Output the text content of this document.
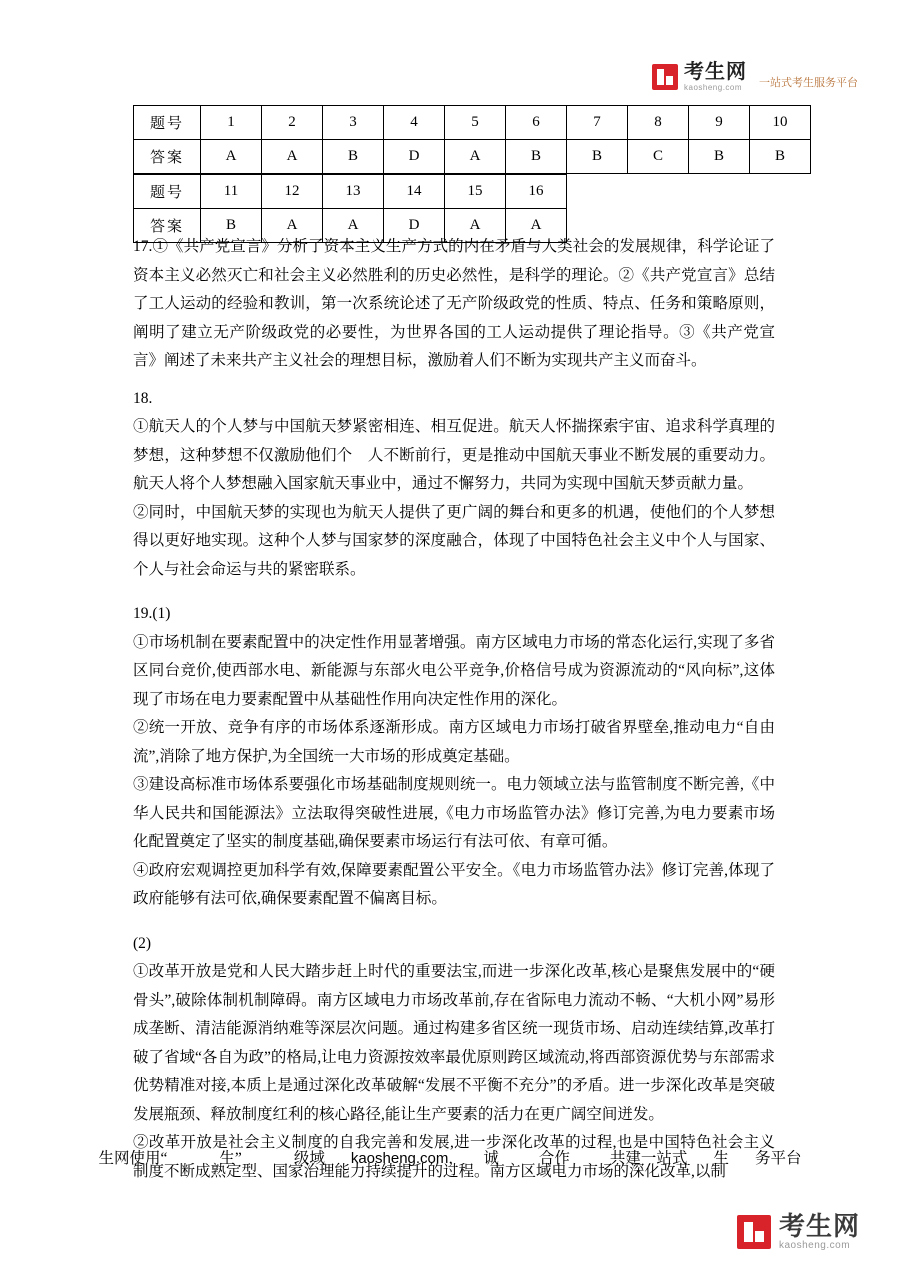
考生网
kaosheng.com	一站式考生服务平台
题号	1	2	3	4	5	6	7	8	9	10
答案	A	A	B	D	A	B	B	C	B	B
题号	11	12	13	14	15	16
答案	B	A	A	D	A	A

17.①《共产党宣言》分析了资本主义生产方式的内在矛盾与人类社会的发展规律，科学论证了资本主义必然灭亡和社会主义必然胜利的历史必然性，是科学的理论。②《共产党宣言》总结了工人运动的经验和教训，第一次系统论述了无产阶级政党的性质、特点、任务和策略原则，阐明了建立无产阶级政党的必要性，为世界各国的工人运动提供了理论指导。③《共产党宣言》阐述了未来共产主义社会的理想目标，激励着人们不断为实现共产主义而奋斗。

18.

①航天人的个人梦与中国航天梦紧密相连、相互促进。航天人怀揣探索宇宙、追求科学真理的梦想，这种梦想不仅激励他们个　人不断前行，更是推动中国航天事业不断发展的重要动力。航天人将个人梦想融入国家航天事业中，通过不懈努力，共同为实现中国航天梦贡献力量。

②同时，中国航天梦的实现也为航天人提供了更广阔的舞台和更多的机遇，使他们的个人梦想得以更好地实现。这种个人梦与国家梦的深度融合，体现了中国特色社会主义中个人与国家、个人与社会命运与共的紧密联系。

19.(1)

①市场机制在要素配置中的决定性作用显著增强。南方区域电力市场的常态化运行,实现了多省区同台竞价,使西部水电、新能源与东部火电公平竞争,价格信号成为资源流动的“风向标”,这体现了市场在电力要素配置中从基础性作用向决定性作用的深化。

②统一开放、竞争有序的市场体系逐渐形成。南方区域电力市场打破省界壁垒,推动电力“自由流”,消除了地方保护,为全国统一大市场的形成奠定基础。

③建设高标准市场体系要强化市场基础制度规则统一。电力领域立法与监管制度不断完善,《中华人民共和国能源法》立法取得突破性进展,《电力市场监管办法》修订完善,为电力要素市场化配置奠定了坚实的制度基础,确保要素市场运行有法可依、有章可循。

④政府宏观调控更加科学有效,保障要素配置公平安全。《电力市场监管办法》修订完善,体现了政府能够有法可依,确保要素配置不偏离目标。

(2)

①改革开放是党和人民大踏步赶上时代的重要法宝,而进一步深化改革,核心是聚焦发展中的“硬骨头”,破除体制机制障碍。南方区域电力市场改革前,存在省际电力流动不畅、“大机小网”易形成垄断、清洁能源消纳难等深层次问题。通过构建多省区统一现货市场、启动连续结算,改革打破了省域“各自为政”的格局,让电力资源按效率最优原则跨区域流动,将西部资源优势与东部需求优势精准对接,本质上是通过深化改革破解“发展不平衡不充分”的矛盾。进一步深化改革是突破发展瓶颈、释放制度红利的核心路径,能让生产要素的活力在更广阔空间迸发。

②改革开放是社会主义制度的自我完善和发展,进一步深化改革的过程,也是中国特色社会主义制度不断成熟定型、国家治理能力持续提升的过程。南方区域电力市场的深化改革,以制

生网使用“	生”	级域 kaosheng.com， 诚	合作	共建一站式 生 务平台
考生网
kaosheng.com
